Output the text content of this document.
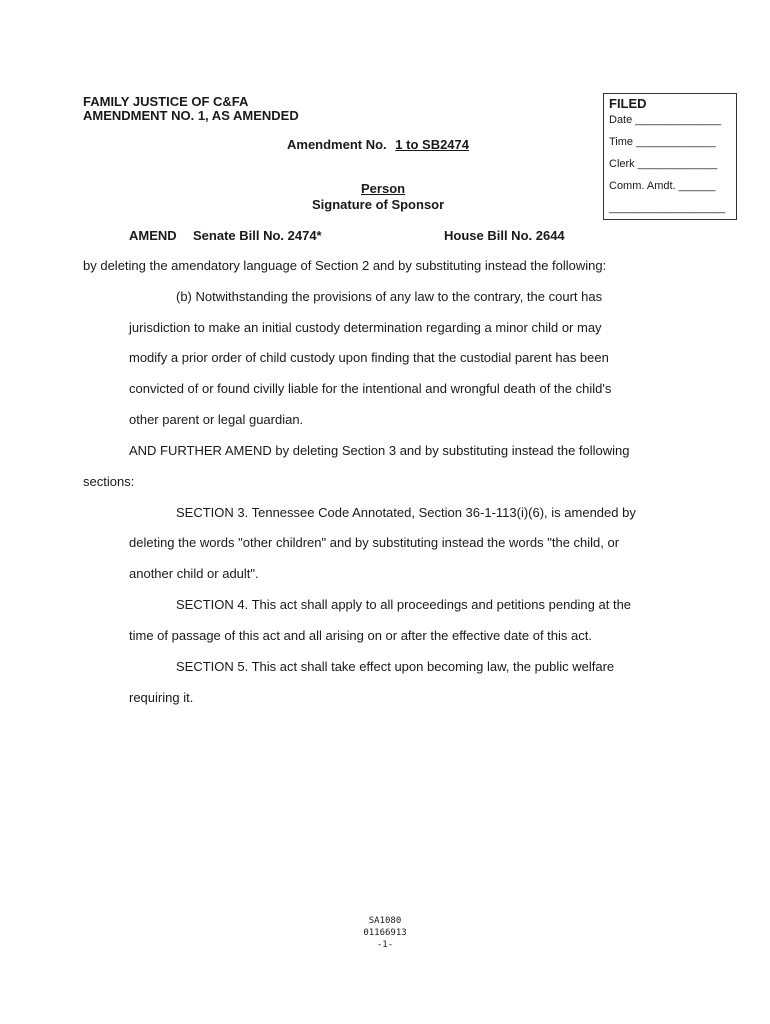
FAMILY JUSTICE OF C&FA
AMENDMENT NO. 1, AS AMENDED
FILED
Date ______________
Time _____________
Clerk _____________
Comm. Amdt. ______
___________________
Amendment No. 1 to SB2474
Person
Signature of Sponsor
AMEND Senate Bill No. 2474*	House Bill No. 2644
by deleting the amendatory language of Section 2 and by substituting instead the following:
(b) Notwithstanding the provisions of any law to the contrary, the court has
jurisdiction to make an initial custody determination regarding a minor child or may
modify a prior order of child custody upon finding that the custodial parent has been
convicted of or found civilly liable for the intentional and wrongful death of the child's
other parent or legal guardian.
AND FURTHER AMEND by deleting Section 3 and by substituting instead the following
sections:
SECTION 3. Tennessee Code Annotated, Section 36-1-113(i)(6), is amended by
deleting the words "other children" and by substituting instead the words "the child, or
another child or adult".
SECTION 4. This act shall apply to all proceedings and petitions pending at the
time of passage of this act and all arising on or after the effective date of this act.
SECTION 5. This act shall take effect upon becoming law, the public welfare
requiring it.
SA1080
01166913
-1-
